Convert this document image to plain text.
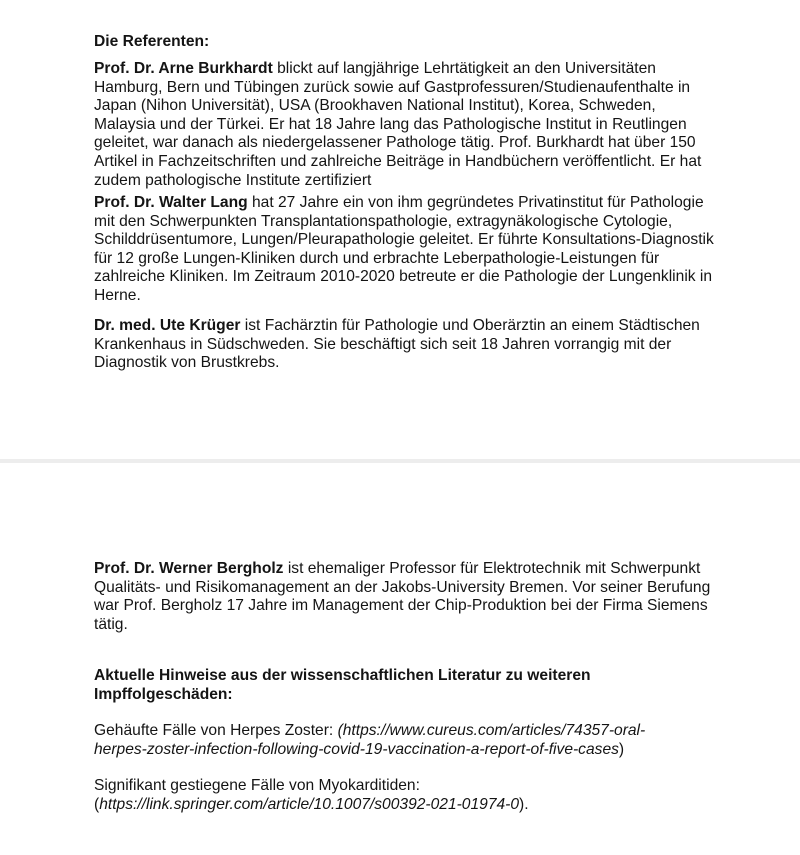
Die Referenten:

Prof. Dr. Arne Burkhardt blickt auf langjährige Lehrtätigkeit an den Universitäten Hamburg, Bern und Tübingen zurück sowie auf Gastprofessuren/Studienaufenthalte in Japan (Nihon Universität), USA (Brookhaven National Institut), Korea, Schweden, Malaysia und der Türkei. Er hat 18 Jahre lang das Pathologische Institut in Reutlingen geleitet, war danach als niedergelassener Pathologe tätig. Prof. Burkhardt hat über 150 Artikel in Fachzeitschriften und zahlreiche Beiträge in Handbüchern veröffentlicht. Er hat zudem pathologische Institute zertifiziert

Prof. Dr. Walter Lang hat 27 Jahre ein von ihm gegründetes Privatinstitut für Pathologie mit den Schwerpunkten Transplantationspathologie, extragynäkologische Cytologie, Schilddrüsentumore, Lungen/Pleurapathologie geleitet. Er führte Konsultations-Diagnostik für 12 große Lungen-Kliniken durch und erbrachte Leberpathologie-Leistungen für zahlreiche Kliniken. Im Zeitraum 2010-2020 betreute er die Pathologie der Lungenklinik in Herne.

Dr. med. Ute Krüger ist Fachärztin für Pathologie und Oberärztin an einem Städtischen Krankenhaus in Südschweden. Sie beschäftigt sich seit 18 Jahren vorrangig mit der Diagnostik von Brustkrebs.

Prof. Dr. Werner Bergholz ist ehemaliger Professor für Elektrotechnik mit Schwerpunkt Qualitäts- und Risikomanagement an der Jakobs-University Bremen. Vor seiner Berufung war Prof. Bergholz 17 Jahre im Management der Chip-Produktion bei der Firma Siemens tätig.

Aktuelle Hinweise aus der wissenschaftlichen Literatur zu weiteren Impffolgeschäden:

Gehäufte Fälle von Herpes Zoster: (https://www.cureus.com/articles/74357-oral-herpes-zoster-infection-following-covid-19-vaccination-a-report-of-five-cases)

Signifikant gestiegene Fälle von Myokarditiden: (https://link.springer.com/article/10.1007/s00392-021-01974-0).
